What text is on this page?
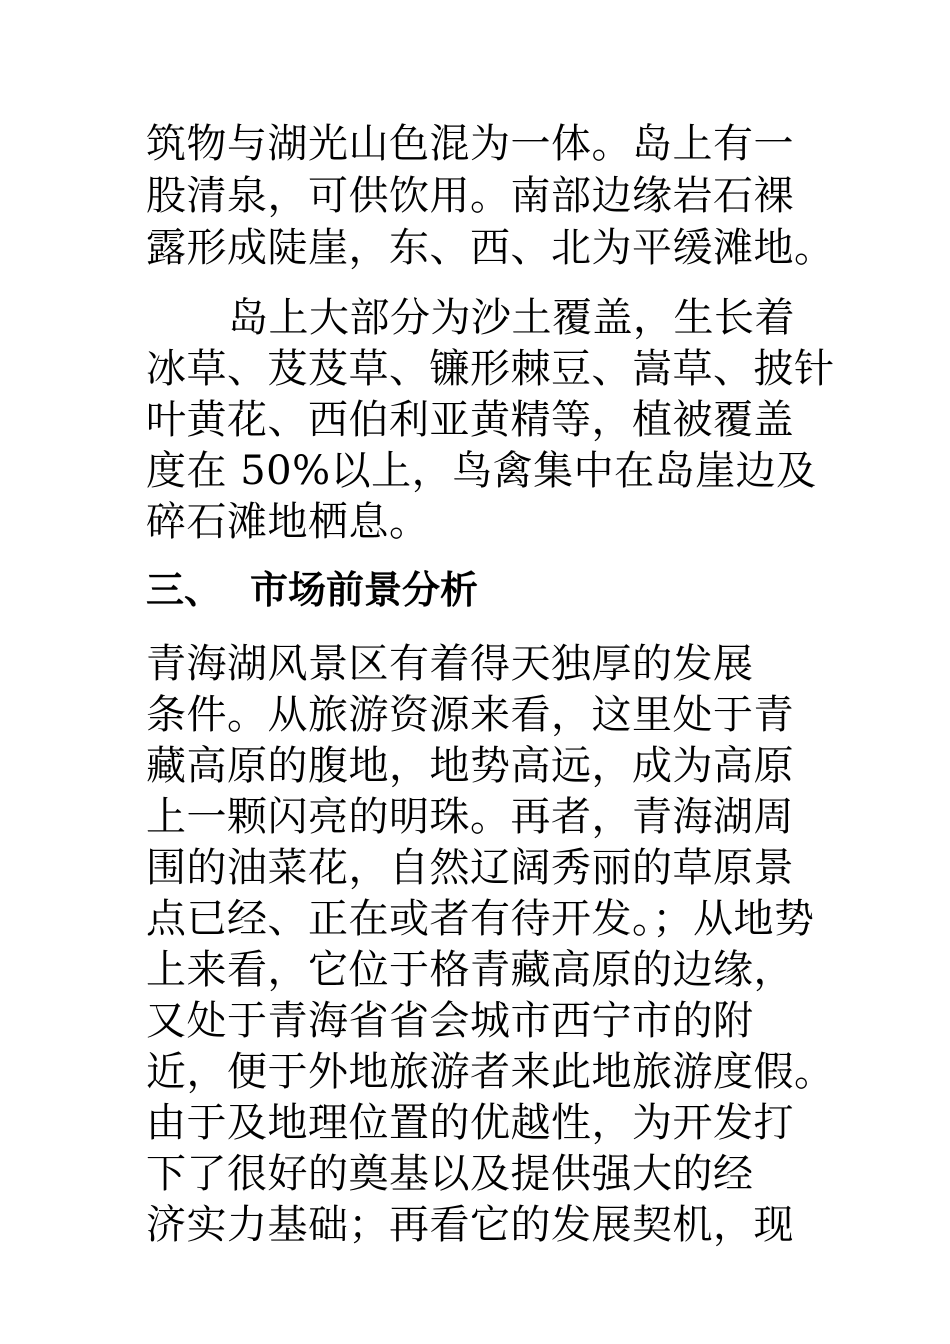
筑物与湖光山色混为一体。岛上有一
股清泉，可供饮用。南部边缘岩石裸
露形成陡崖，东、西、北为平缓滩地。
岛上大部分为沙土覆盖，生长着
冰草、芨芨草、镰形棘豆、嵩草、披针
叶黄花、西伯利亚黄精等，植被覆盖
度在 50%以上，鸟禽集中在岛崖边及
碎石滩地栖息。
三、 市场前景分析
青海湖风景区有着得天独厚的发展
条件。从旅游资源来看，这里处于青
藏高原的腹地，地势高远，成为高原
上一颗闪亮的明珠。再者，青海湖周
围的油菜花，自然辽阔秀丽的草原景
点已经、正在或者有待开发。；从地势
上来看，它位于格青藏高原的边缘，
又处于青海省省会城市西宁市的附
近，便于外地旅游者来此地旅游度假。
由于及地理位置的优越性，为开发打
下了很好的奠基以及提供强大的经
济实力基础；再看它的发展契机，现
